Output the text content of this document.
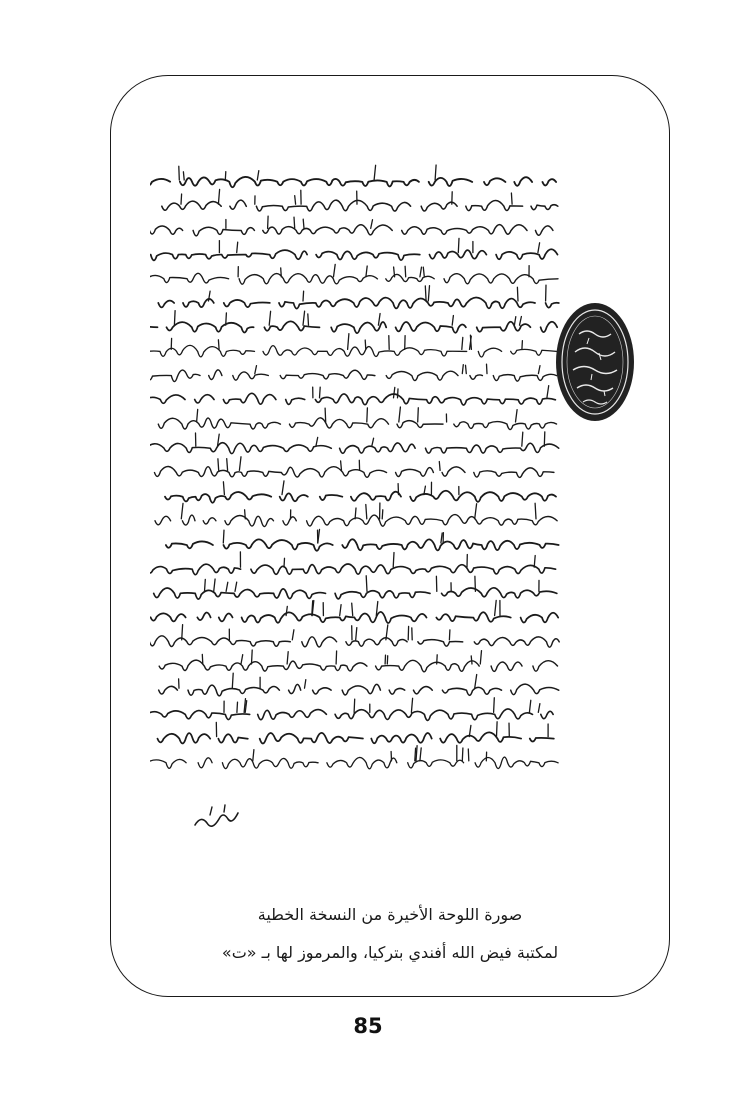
صورة اللوحة الأخيرة من النسخة الخطية
لمكتبة فيض الله أفندي بتركيا، والمرموز لها بـ «ت»
85
